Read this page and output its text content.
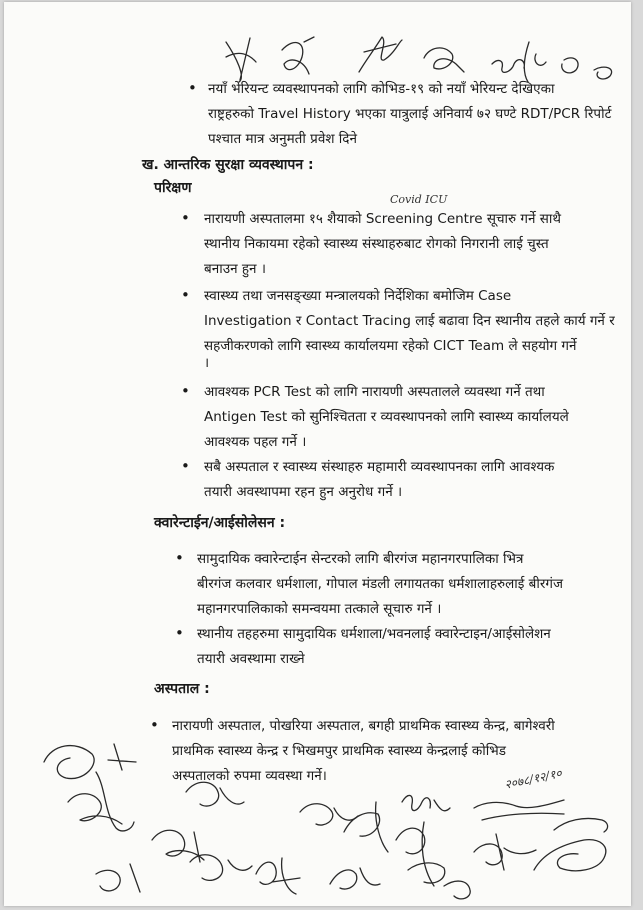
• नयाँ भेरियन्ट व्यवस्थापनको लागि कोभिड-१९ को नयाँ भेरियन्ट देखिएका
राष्ट्रहरुको Travel History भएका यात्रुलाई अनिवार्य ७२ घण्टे RDT/PCR रिपोर्ट
पश्चात मात्र अनुमती प्रवेश दिने
ख. आन्तरिक सुरक्षा व्यवस्थापन :
परिक्षण
Covid ICU
• नारायणी अस्पतालमा १५ शैयाको Screening Centre सूचारु गर्ने साथै
स्थानीय निकायमा रहेको स्वास्थ्य संस्थाहरुबाट रोगको निगरानी लाई चुस्त
बनाउन हुन ।
• स्वास्थ्य तथा जनसङ्ख्या मन्त्रालयको निर्देशिका बमोजिम Case
Investigation र Contact Tracing लाई बढावा दिन स्थानीय तहले कार्य गर्ने र
सहजीकरणको लागि स्वास्थ्य कार्यालयमा रहेको CICT Team ले सहयोग गर्ने
।
• आवश्यक PCR Test को लागि नारायणी अस्पतालले व्यवस्था गर्ने तथा
Antigen Test को सुनिश्चितता र व्यवस्थापनको लागि स्वास्थ्य कार्यालयले
आवश्यक पहल गर्ने ।
• सबै अस्पताल र स्वास्थ्य संस्थाहरु महामारी व्यवस्थापनका लागि आवश्यक
तयारी अवस्थापमा रहन हुन अनुरोध गर्ने ।
क्वारेन्टाईन/आईसोलेसन :
• सामुदायिक क्वारेन्टाईन सेन्टरको लागि बीरगंज महानगरपालिका भित्र
बीरगंज कलवार धर्मशाला, गोपाल मंडली लगायतका धर्मशालाहरुलाई बीरगंज
महानगरपालिकाको समन्वयमा तत्काले सूचारु गर्ने ।
• स्थानीय तहहरुमा सामुदायिक धर्मशाला/भवनलाई क्वारेन्टाइन/आईसोलेशन
तयारी अवस्थामा राख्ने
अस्पताल :
• नारायणी अस्पताल, पोखरिया अस्पताल, बगही प्राथमिक स्वास्थ्य केन्द्र, बागेश्वरी
प्राथमिक स्वास्थ्य केन्द्र र भिखमपुर प्राथमिक स्वास्थ्य केन्द्रलाई कोभिड
अस्पतालको रुपमा व्यवस्था गर्ने।	२०७८/१२/१०
